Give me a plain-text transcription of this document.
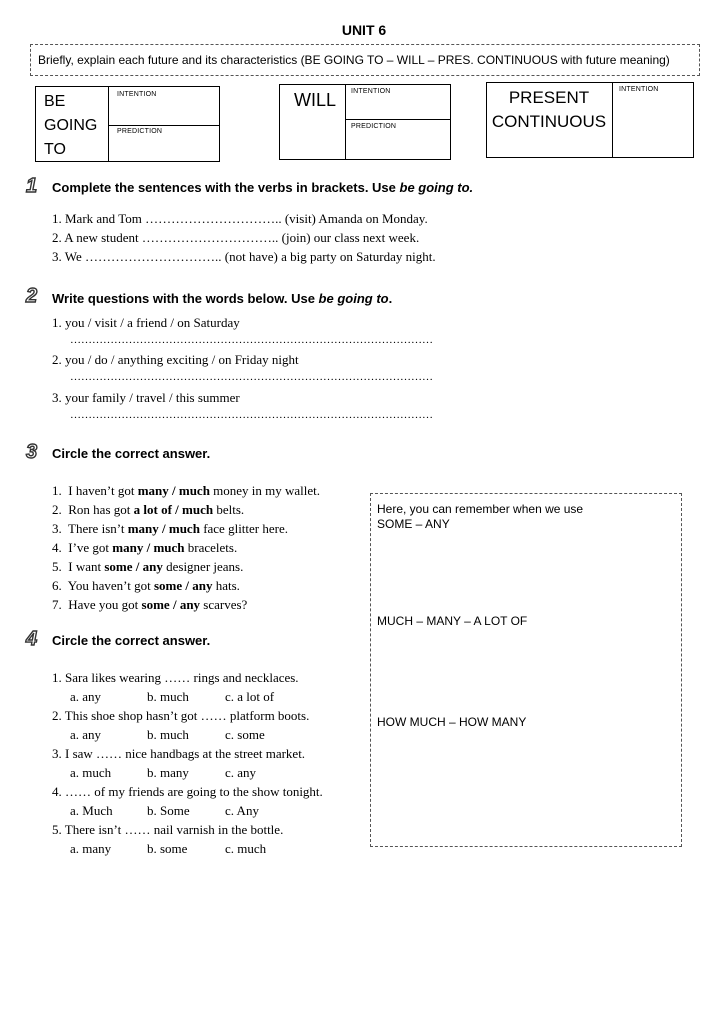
UNIT 6
Briefly, explain each future and its characteristics (BE GOING TO – WILL – PRES. CONTINUOUS with future meaning)
BE
GOING
TO
INTENTION
PREDICTION
WILL INTENTION
PREDICTION
PRESENT
CONTINUOUS
INTENTION
1 Complete the sentences with the verbs in brackets. Use be going to.
1. Mark and Tom ………………………….. (visit) Amanda on Monday.
2. A new student ………………………….. (join) our class next week.
3. We ………………………….. (not have) a big party on Saturday night.
2 Write questions with the words below. Use be going to.
1. you / visit / a friend / on Saturday
………………………………………………………………………………………
2. you / do / anything exciting / on Friday night
………………………………………………………………………………………
3. your family / travel / this summer
………………………………………………………………………………………
3 Circle the correct answer.
1. I haven’t got many / much money in my wallet.
2. Ron has got a lot of / much belts.
3. There isn’t many / much face glitter here.
4. I’ve got many / much bracelets.
5. I want some / any designer jeans.
6. You haven’t got some / any hats.
7. Have you got some / any scarves?
Here, you can remember when we use
SOME – ANY
MUCH – MANY – A LOT OF
HOW MUCH – HOW MANY
4 Circle the correct answer.
1. Sara likes wearing …… rings and necklaces.
a. any	b. much	c. a lot of
2. This shoe shop hasn’t got …… platform boots.
a. any	b. much	c. some
3. I saw …… nice handbags at the street market.
a. much	b. many	c. any
4. …… of my friends are going to the show tonight.
a. Much	b. Some	c. Any
5. There isn’t …… nail varnish in the bottle.
a. many	b. some	c. much
